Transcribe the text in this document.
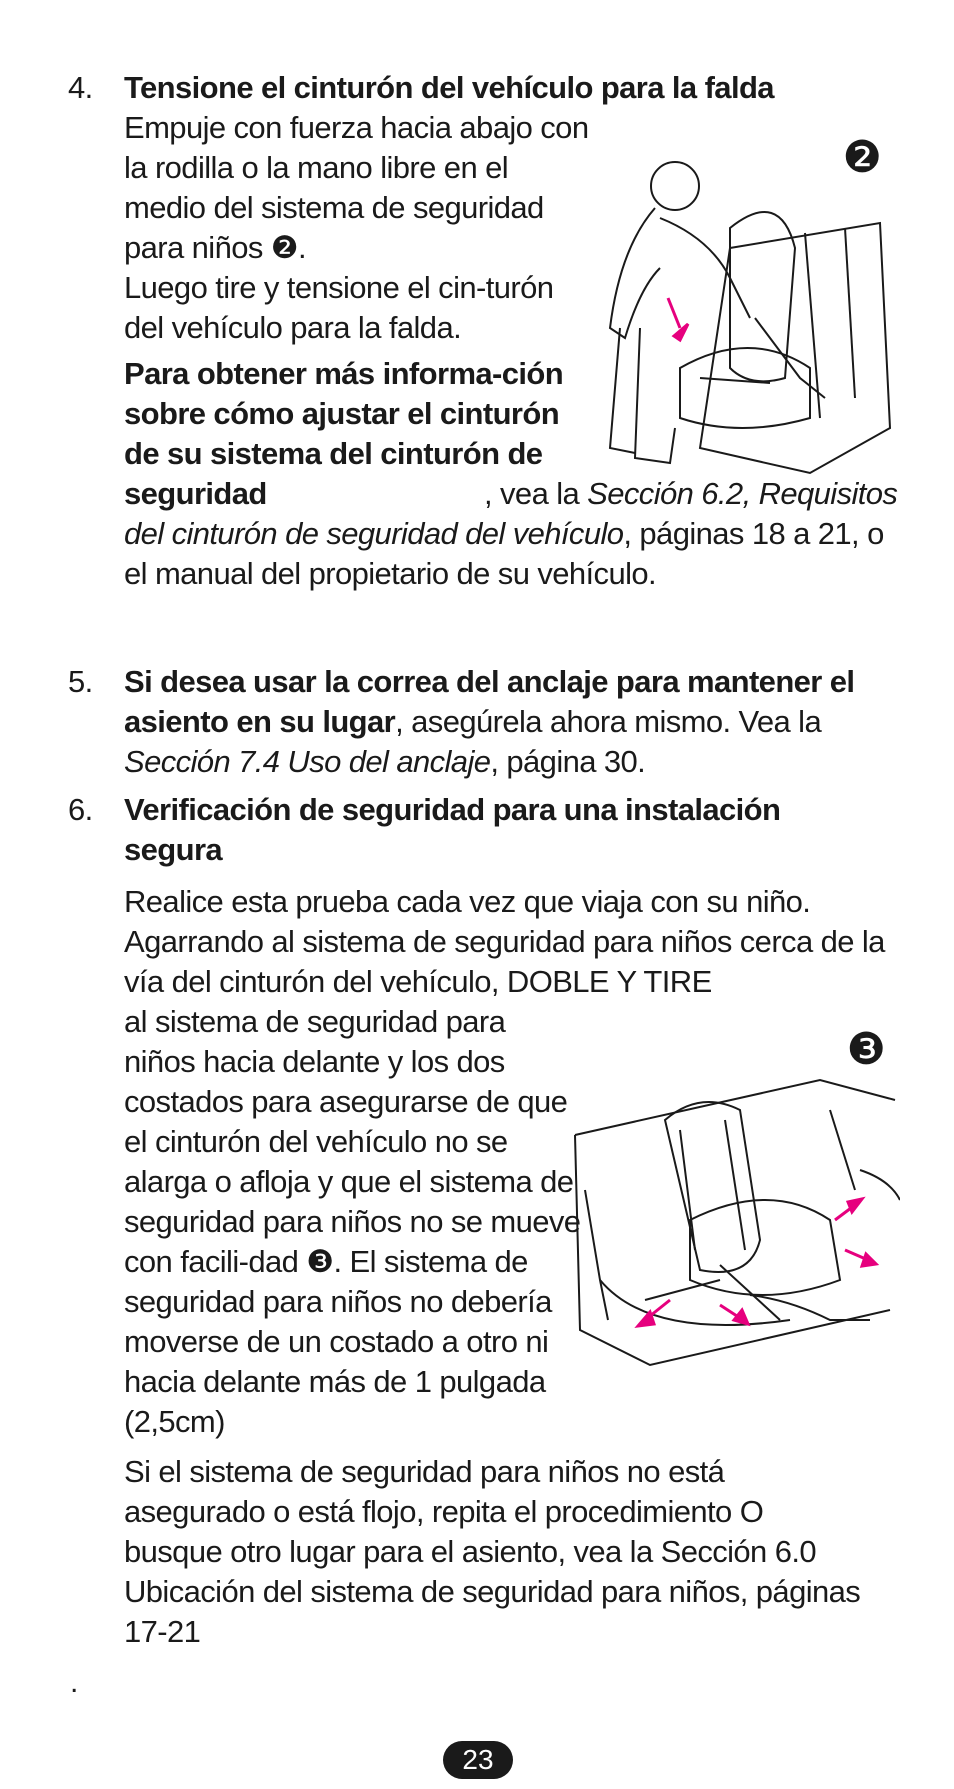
4.	Tensione el cinturón del vehículo para la falda
Empuje con fuerza hacia abajo con la rodilla o la mano libre en el medio del sistema de seguridad para niños ❷.
Luego tire y tensione el cin-turón del vehículo para la falda.
Para obtener más informa-ción sobre cómo ajustar el cinturón de su sistema del cinturón de seguridad	, vea la Sección 6.2, Requisitos del cinturón de seguridad del vehículo, páginas 18 a 21, o el manual del propietario de su vehículo.
❷
5.	Si desea usar la correa del anclaje para mantener el asiento en su lugar, asegúrela ahora mismo. Vea la Sección 7.4 Uso del anclaje, página 30.
6.	Verificación de seguridad para una instalación segura
Realice esta prueba cada vez que viaja con su niño. Agarrando al sistema de seguridad para niños cerca de la vía del cinturón del vehículo, DOBLE Y TIRE
al sistema de seguridad para niños hacia delante y los dos costados para asegurarse de que el cinturón del vehículo no se alarga o afloja y que el sistema de seguridad para niños no se mueve con facili-dad ❸. El sistema de seguridad para niños no debería moverse de un costado a otro ni hacia delante más de 1 pulgada (2,5cm)
Si el sistema de seguridad para niños no está asegurado o está flojo, repita el procedimiento O busque otro lugar para el asiento, vea la Sección 6.0 Ubicación del sistema de seguridad para niños, páginas 17-21
❸
.
23
